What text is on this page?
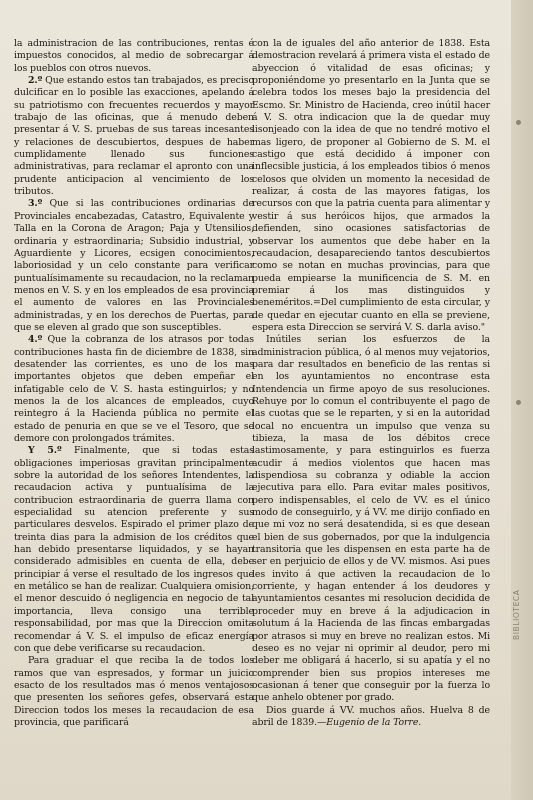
la administracion de las contribuciones, rentas é impuestos conocidos, al medio de sobrecargar á los pueblos con otros nuevos.

2.º Que estando estos tan trabajados, es preciso dulcificar en lo posible las exacciones, apelando á su patriotismo con frecuentes recuerdos y mayor trabajo de las oficinas, que á menudo deben presentar á V. S. pruebas de sus tareas incesantes y relaciones de descubiertos, despues de haber cumplidamente llenado sus funciones administrativas, para reclamar el apronto con una prudente anticipacion al vencimiento de los tributos.

3.º Que si las contribuciones ordinarias de Provinciales encabezadas, Catastro, Equivalente y Talla en la Corona de Aragon; Paja y Utensilios, ordinaria y estraordinaria; Subsidio industrial, y Aguardiente y Licores, ecsigen conocimientos, laboriosidad y un celo constante para verificar puntualísimamente su recaudacion, no la reclaman menos en V. S. y en los empleados de esa provincia el aumento de valores en las Provinciales administradas, y en los derechos de Puertas, para que se eleven al grado que son susceptibles.

4.º Que la cobranza de los atrasos por todas contribuciones hasta fin de diciembre de 1838, sin desatender las corrientes, es uno de los mas importantes objetos que deben empeñar el infatigable celo de V. S. hasta estinguirlos; y no menos la de los alcances de empleados, cuyo reintegro á la Hacienda pública no permite el estado de penuria en que se ve el Tesoro, que se demore con prolongados trámites.

Y 5.º Finalmente, que si todas estas obligaciones imperiosas gravitan principalmente sobre la autoridad de los señores Intendentes, la recaudacion activa y puntualísima de la contribucion estraordinaria de guerra llama con especialidad su atencion preferente y sus particulares desvelos. Espirado el primer plazo de treinta dias para la admision de los créditos que han debido presentarse liquidados, y se hayan considerado admisibles en cuenta de ella, debe principiar á verse el resultado de los ingresos que en metálico se han de realizar. Cualquiera omision, el menor descuido ó negligencia en negocio de tal importancia, lleva consigo una terrible responsabilidad, por mas que la Direccion omita recomendar á V. S. el impulso de eficaz energía con que debe verificarse su recaudacion.

Para graduar el que reciba la de todos los ramos que van espresados, y formar un juicio esacto de los resultados mas ó menos ventajosos que presenten los señores gefes, observará esta Direccion todos los meses la recaudacion de esa provincia, que parificará

con la de iguales del año anterior de 1838. Esta demostracion revelará á primera vista el estado de abyeccion ó vitalidad de esas oficinas; y proponiéndome yo presentarlo en la Junta que se celebra todos los meses bajo la presidencia del Escmo. Sr. Ministro de Hacienda, creo inútil hacer á V. S. otra indicacion que la de quedar muy lisonjeado con la idea de que no tendré motivo el mas ligero, de proponer al Gobierno de S. M. el castigo que está decidido á imponer con inflecsible justicia, á los empleados tibios ó menos celosos que olviden un momento la necesidad de realizar, á costa de las mayores fatigas, los recursos con que la patria cuenta para alimentar y vestir á sus heróicos hijos, que armados la defienden, sino ocasiones satisfactorias de observar los aumentos que debe haber en la recaudacion, desapareciendo tantos descubiertos como se notan en muchas provincias, para que pueda empiearse la munificencia de S. M. en premiar á los mas distinguidos y beneméritos.=Del cumplimiento de esta circular, y de quedar en ejecutar cuanto en ella se previene, espera esta Direccion se servirá V. S. darla aviso."

Inútiles serian los esfuerzos de la administracion pública, ó al menos muy vejatorios, para dar resultados en beneficio de las rentas si en los ayuntamientos no encontrase esta Intendencia un firme apoyo de sus resoluciones. Rehuye por lo comun el contribuyente el pago de las cuotas que se le reparten, y si en la autoridad local no encuentra un impulso que venza su tibieza, la masa de los débitos crece lastimosamente, y para estinguirlos es fuerza acudir á medios violentos que hacen mas dispendiosa su cobranza y odiable la accion ejecutiva para ello. Para evitar males positivos, pero indispensables, el celo de VV. es el único modo de conseguirlo, y á VV. me dirijo confiado en que mi voz no será desatendida, si es que desean el bien de sus gobernados, por que la indulgencia transitoria que les dispensen en esta parte ha de ser en perjuicio de ellos y de VV. mismos. Asi pues les invito á que activen la recaudacion de lo corriente, y hagan entender á los deudores y ayuntamientos cesantes mi resolucion decidida de proceder muy en breve á la adjudicacion in solutum á la Hacienda de las fincas embargadas por atrasos si muy en breve no realizan estos. Mi deseo es no vejar ni oprimir al deudor, pero mi deber me obligará á hacerlo, si su apatía y el no comprender bien sus propios intereses me ocasionan á tener que conseguir por la fuerza lo que anhelo obtener por grado.

Dios guarde á VV. muchos años. Huelva 8 de abril de 1839.—Eugenio de la Torre.

BIBLIOTECA
